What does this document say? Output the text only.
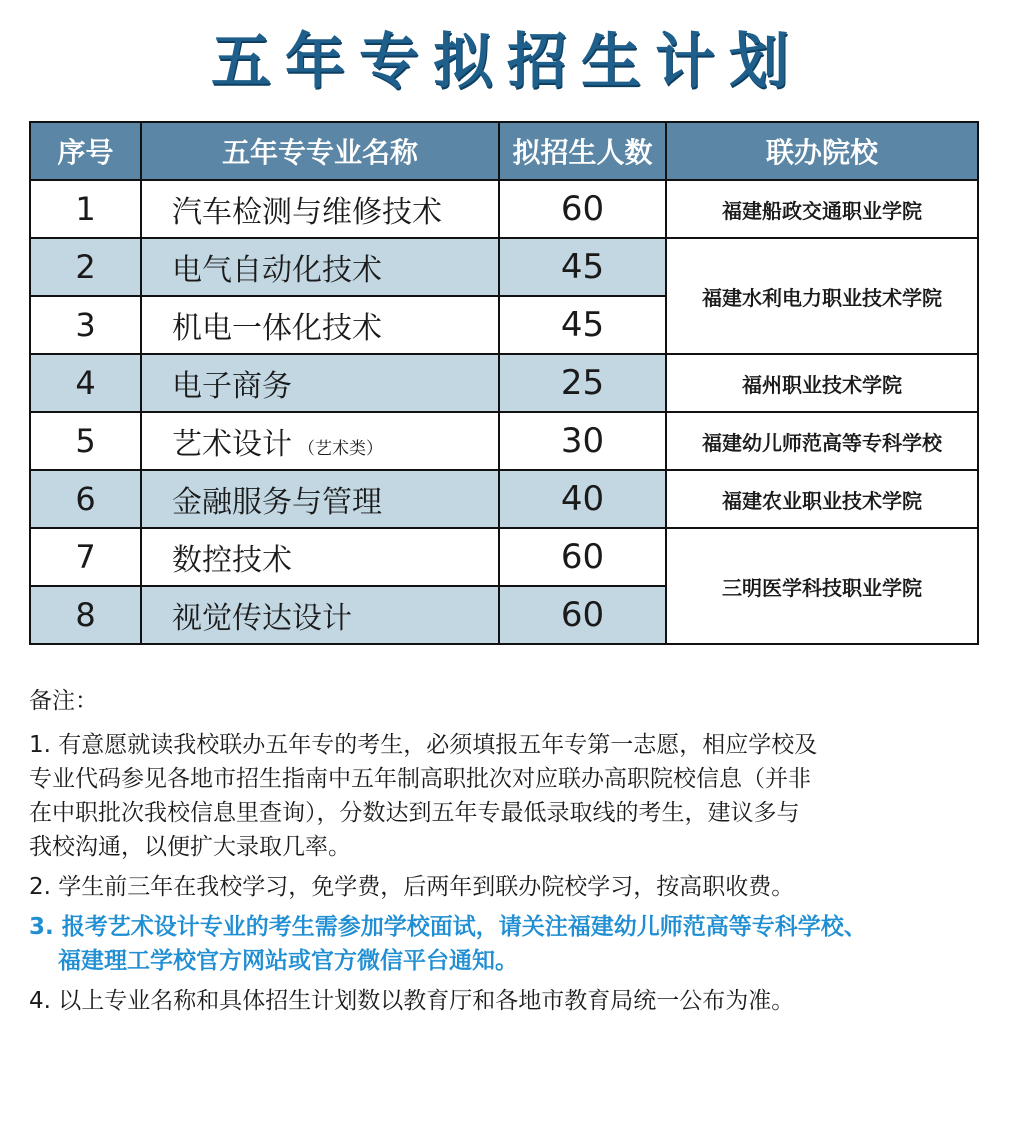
五年专拟招生计划
序号	五年专专业名称	拟招生人数	联办院校
1	汽车检测与维修技术	60	福建船政交通职业学院
2	电气自动化技术	45	福建水利电力职业技术学院
3	机电一体化技术	45	
4	电子商务	25	福州职业技术学院
5	艺术设计 （艺术类）	30	福建幼儿师范高等专科学校
6	金融服务与管理	40	福建农业职业技术学院
7	数控技术	60	三明医学科技职业学院
8	视觉传达设计	60	
备注：
1. 有意愿就读我校联办五年专的考生，必须填报五年专第一志愿，相应学校及
专业代码参见各地市招生指南中五年制高职批次对应联办高职院校信息（并非
在中职批次我校信息里查询），分数达到五年专最低录取线的考生，建议多与
我校沟通，以便扩大录取几率。
2. 学生前三年在我校学习，免学费，后两年到联办院校学习，按高职收费。
3. 报考艺术设计专业的考生需参加学校面试，请关注福建幼儿师范高等专科学校、
福建理工学校官方网站或官方微信平台通知。
4. 以上专业名称和具体招生计划数以教育厅和各地市教育局统一公布为准。
